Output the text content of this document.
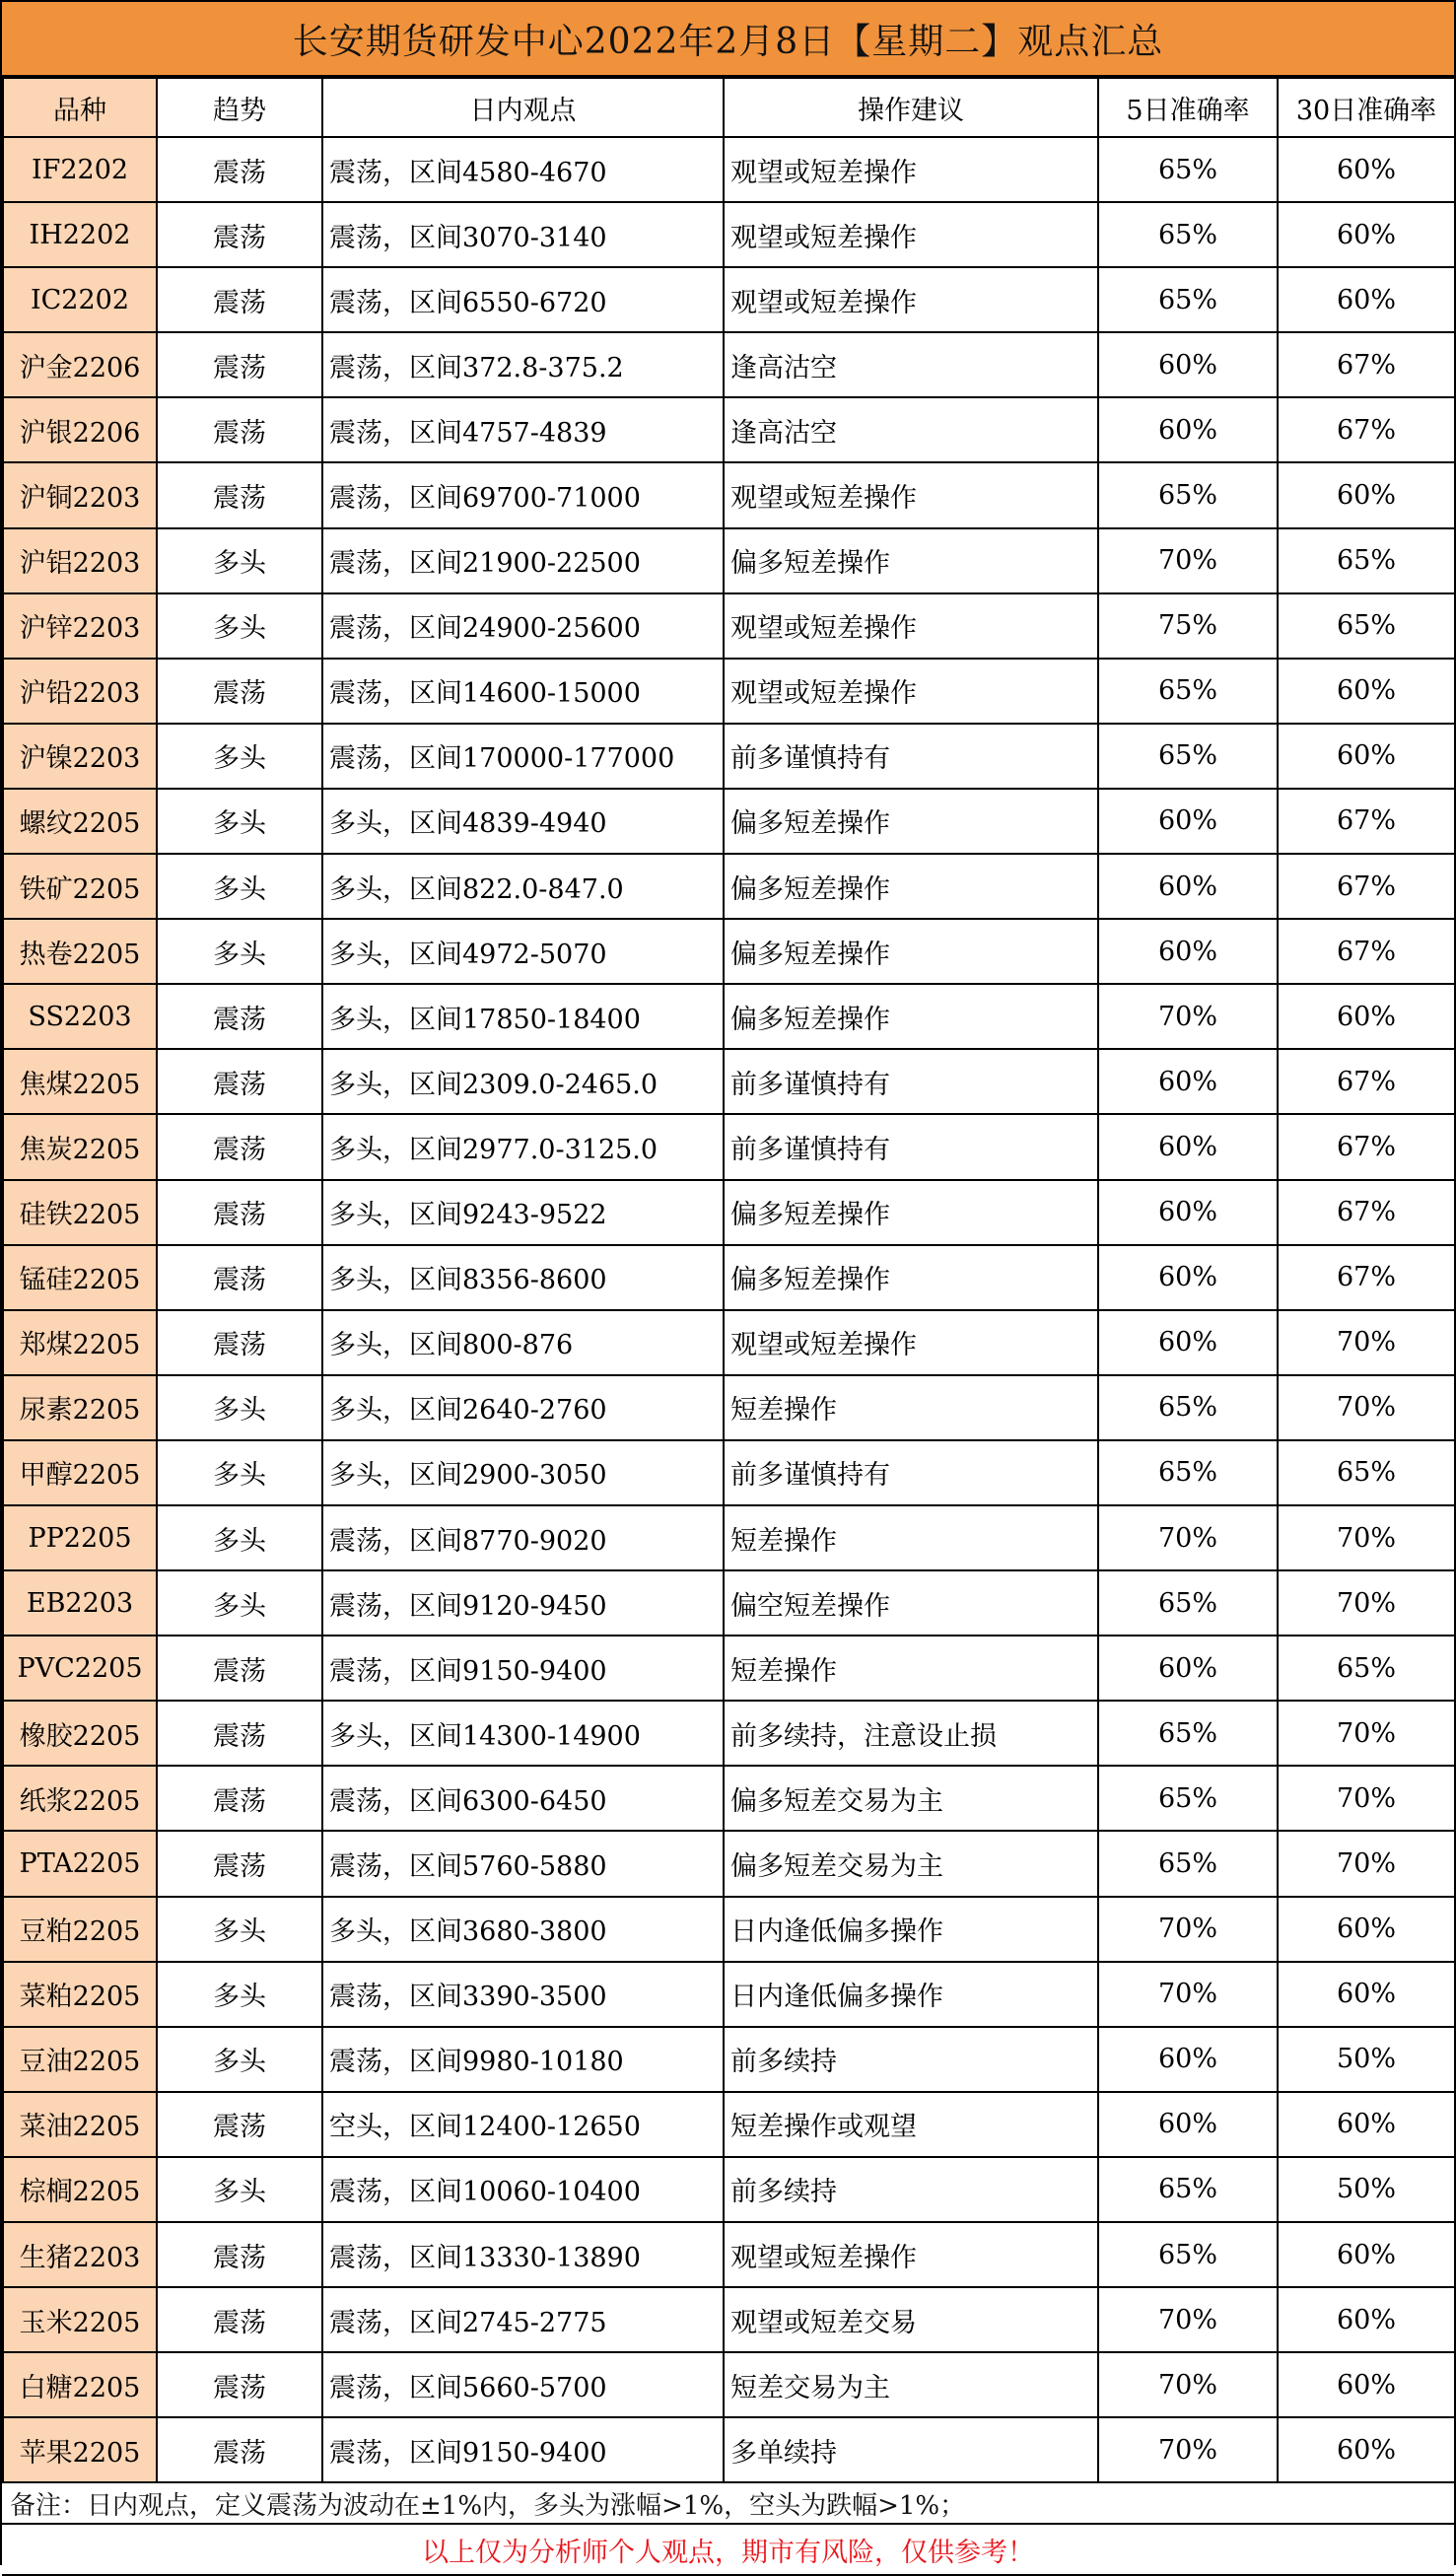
长安期货研发中心2022年2月8日【星期二】观点汇总
品种	趋势	日内观点	操作建议	5日准确率	30日准确率
IF2202	震荡	震荡，区间4580-4670	观望或短差操作	65%	60%
IH2202	震荡	震荡，区间3070-3140	观望或短差操作	65%	60%
IC2202	震荡	震荡，区间6550-6720	观望或短差操作	65%	60%
沪金2206	震荡	震荡，区间372.8-375.2	逢高沽空	60%	67%
沪银2206	震荡	震荡，区间4757-4839	逢高沽空	60%	67%
沪铜2203	震荡	震荡，区间69700-71000	观望或短差操作	65%	60%
沪铝2203	多头	震荡，区间21900-22500	偏多短差操作	70%	65%
沪锌2203	多头	震荡，区间24900-25600	观望或短差操作	75%	65%
沪铅2203	震荡	震荡，区间14600-15000	观望或短差操作	65%	60%
沪镍2203	多头	震荡，区间170000-177000	前多谨慎持有	65%	60%
螺纹2205	多头	多头，区间4839-4940	偏多短差操作	60%	67%
铁矿2205	多头	多头，区间822.0-847.0	偏多短差操作	60%	67%
热卷2205	多头	多头，区间4972-5070	偏多短差操作	60%	67%
SS2203	震荡	多头，区间17850-18400	偏多短差操作	70%	60%
焦煤2205	震荡	多头，区间2309.0-2465.0	前多谨慎持有	60%	67%
焦炭2205	震荡	多头，区间2977.0-3125.0	前多谨慎持有	60%	67%
硅铁2205	震荡	多头，区间9243-9522	偏多短差操作	60%	67%
锰硅2205	震荡	多头，区间8356-8600	偏多短差操作	60%	67%
郑煤2205	震荡	多头，区间800-876	观望或短差操作	60%	70%
尿素2205	多头	多头，区间2640-2760	短差操作	65%	70%
甲醇2205	多头	多头，区间2900-3050	前多谨慎持有	65%	65%
PP2205	多头	震荡，区间8770-9020	短差操作	70%	70%
EB2203	多头	震荡，区间9120-9450	偏空短差操作	65%	70%
PVC2205	震荡	震荡，区间9150-9400	短差操作	60%	65%
橡胶2205	震荡	多头，区间14300-14900	前多续持，注意设止损	65%	70%
纸浆2205	震荡	震荡，区间6300-6450	偏多短差交易为主	65%	70%
PTA2205	震荡	震荡，区间5760-5880	偏多短差交易为主	65%	70%
豆粕2205	多头	多头，区间3680-3800	日内逢低偏多操作	70%	60%
菜粕2205	多头	震荡，区间3390-3500	日内逢低偏多操作	70%	60%
豆油2205	多头	震荡，区间9980-10180	前多续持	60%	50%
菜油2205	震荡	空头，区间12400-12650	短差操作或观望	60%	60%
棕榈2205	多头	震荡，区间10060-10400	前多续持	65%	50%
生猪2203	震荡	震荡，区间13330-13890	观望或短差操作	65%	60%
玉米2205	震荡	震荡，区间2745-2775	观望或短差交易	70%	60%
白糖2205	震荡	震荡，区间5660-5700	短差交易为主	70%	60%
苹果2205	震荡	震荡，区间9150-9400	多单续持	70%	60%
备注：日内观点，定义震荡为波动在±1%内，多头为涨幅>1%，空头为跌幅>1%；
以上仅为分析师个人观点，期市有风险，仅供参考！
